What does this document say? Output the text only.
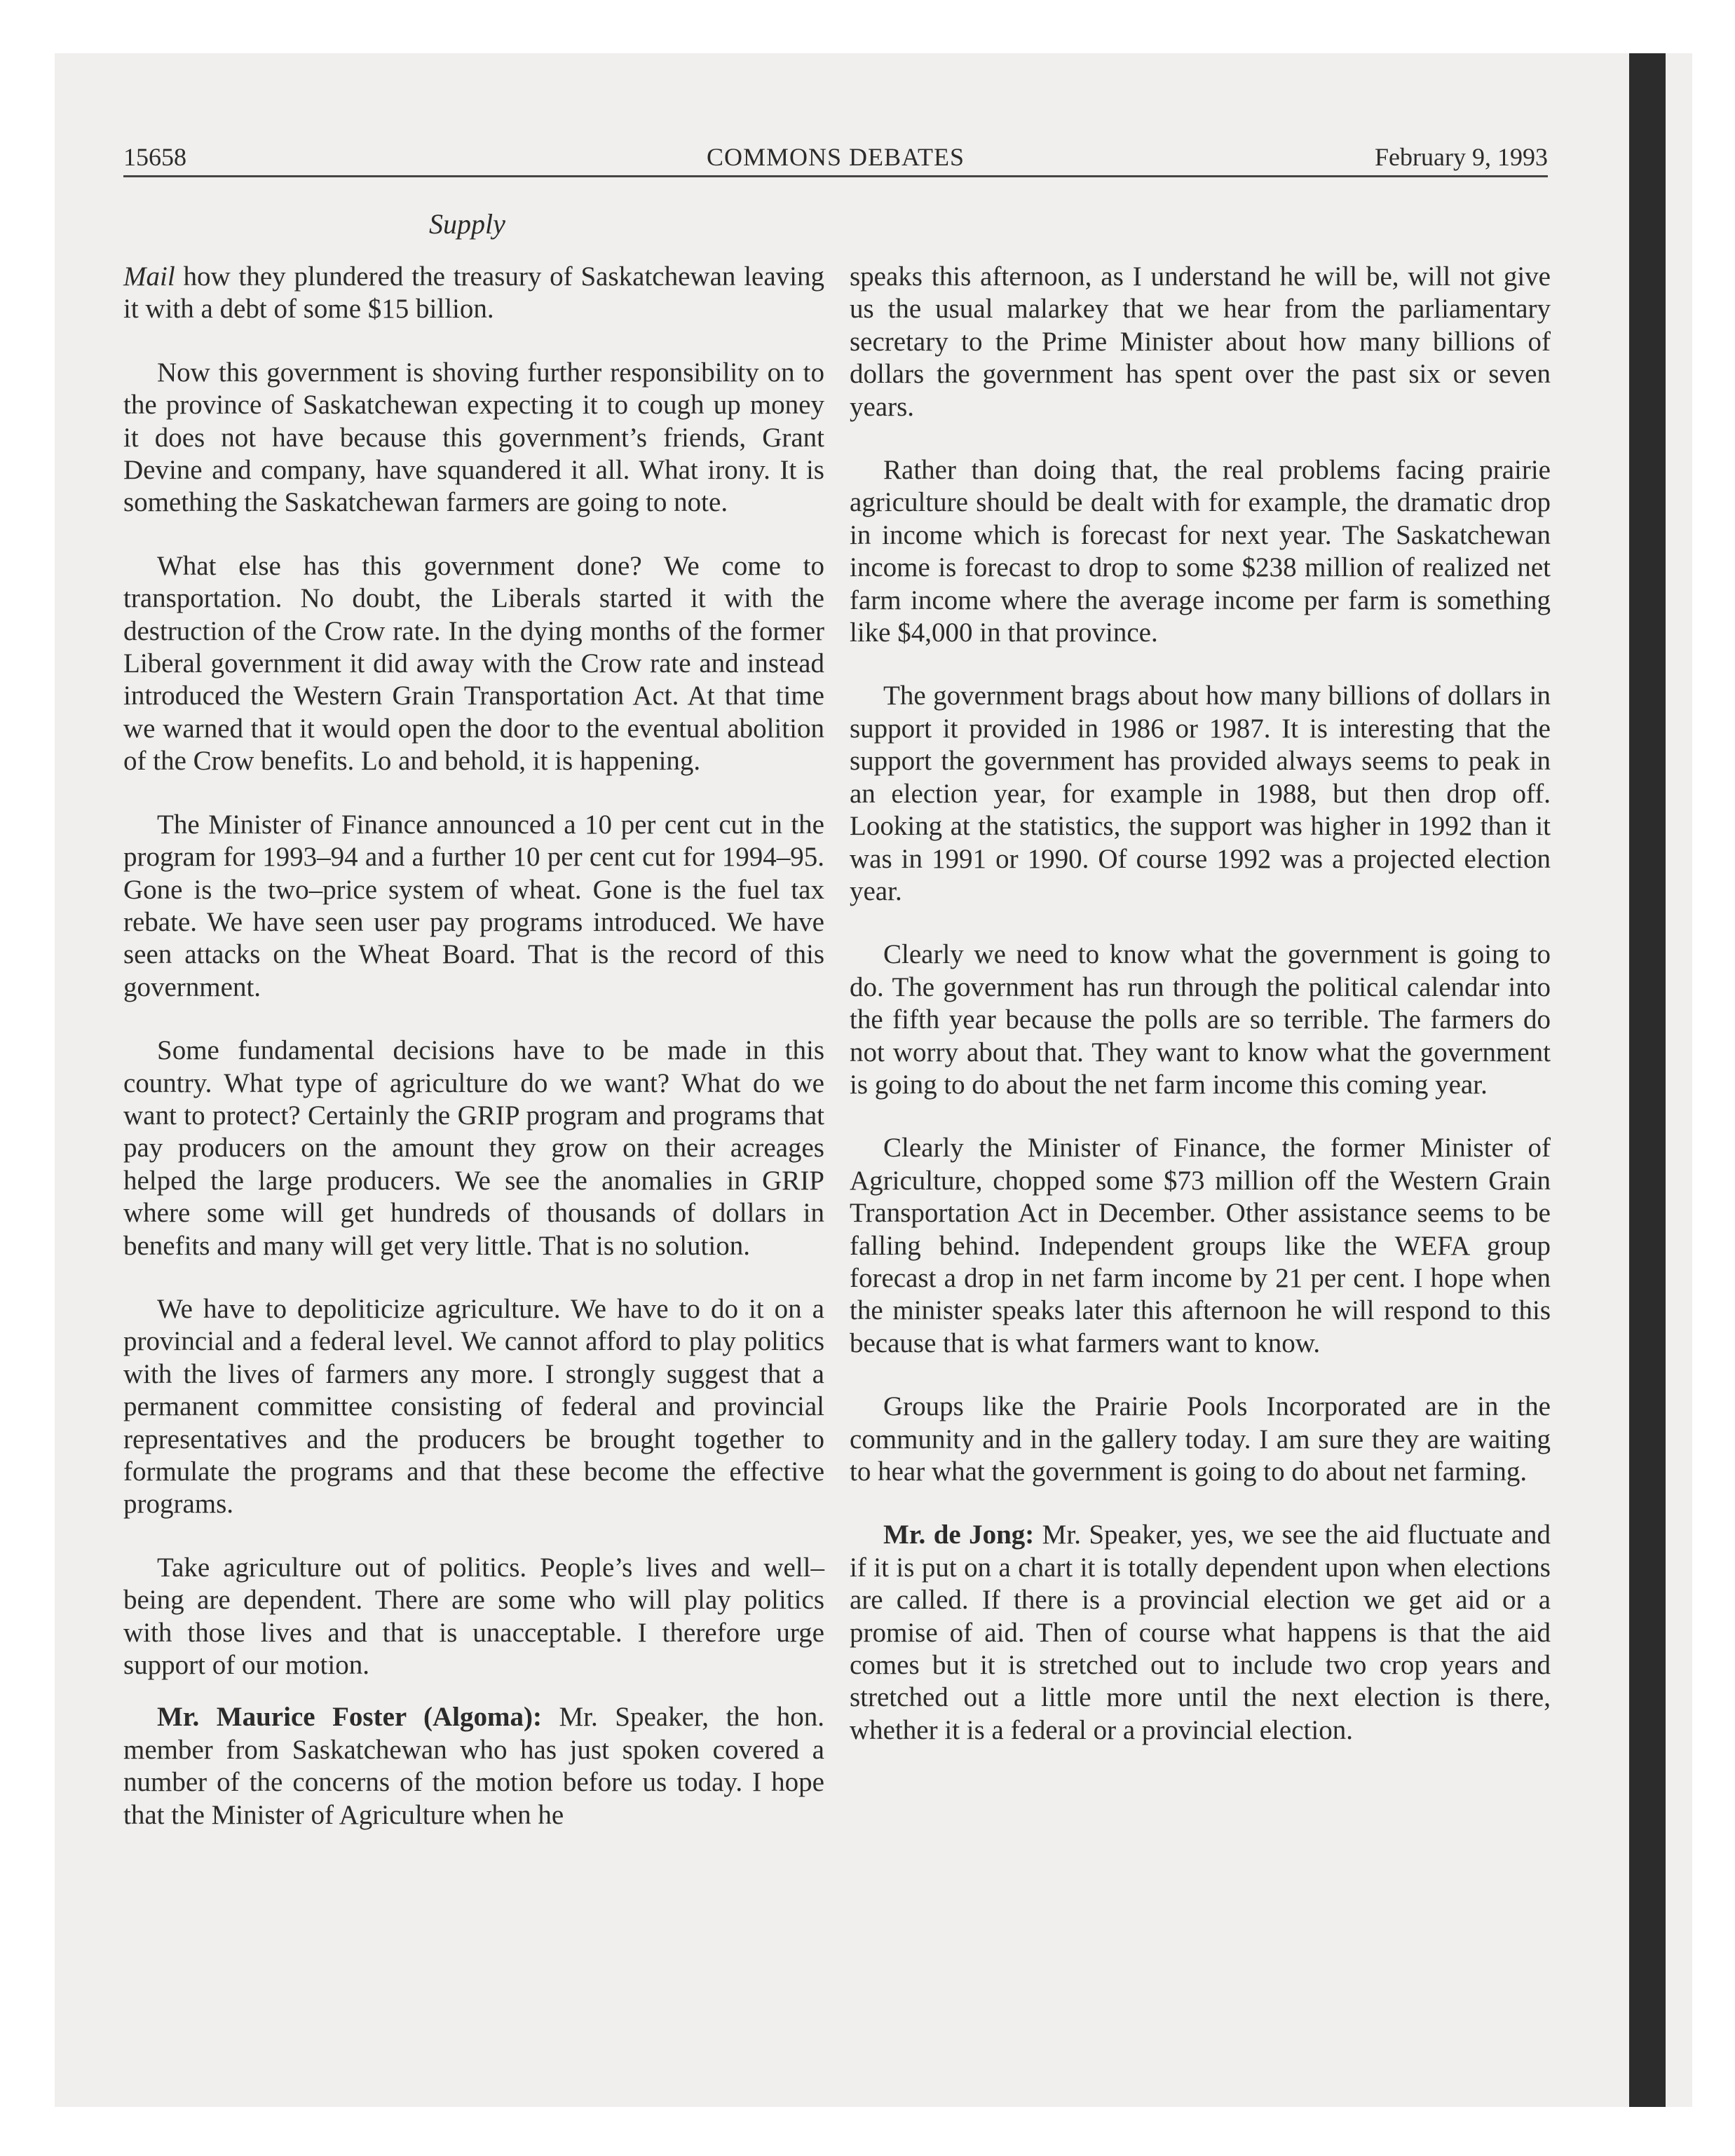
15658	COMMONS DEBATES	February 9, 1993
Supply

Mail how they plundered the treasury of Saskatchewan leaving it with a debt of some $15 billion.

Now this government is shoving further responsibility on to the province of Saskatchewan expecting it to cough up money it does not have because this government’s friends, Grant Devine and company, have squandered it all. What irony. It is something the Saskatchewan farmers are going to note.

What else has this government done? We come to transportation. No doubt, the Liberals started it with the destruction of the Crow rate. In the dying months of the former Liberal government it did away with the Crow rate and instead introduced the Western Grain Transportation Act. At that time we warned that it would open the door to the eventual abolition of the Crow benefits. Lo and behold, it is happening.

The Minister of Finance announced a 10 per cent cut in the program for 1993–94 and a further 10 per cent cut for 1994–95. Gone is the two–price system of wheat. Gone is the fuel tax rebate. We have seen user pay programs introduced. We have seen attacks on the Wheat Board. That is the record of this government.

Some fundamental decisions have to be made in this country. What type of agriculture do we want? What do we want to protect? Certainly the GRIP program and programs that pay producers on the amount they grow on their acreages helped the large producers. We see the anomalies in GRIP where some will get hundreds of thousands of dollars in benefits and many will get very little. That is no solution.

We have to depoliticize agriculture. We have to do it on a provincial and a federal level. We cannot afford to play politics with the lives of farmers any more. I strongly suggest that a permanent committee consisting of federal and provincial representatives and the producers be brought together to formulate the programs and that these become the effective programs.

Take agriculture out of politics. People’s lives and well–being are dependent. There are some who will play politics with those lives and that is unacceptable. I therefore urge support of our motion.

Mr. Maurice Foster (Algoma): Mr. Speaker, the hon. member from Saskatchewan who has just spoken covered a number of the concerns of the motion before us today. I hope that the Minister of Agriculture when he

speaks this afternoon, as I understand he will be, will not give us the usual malarkey that we hear from the parliamentary secretary to the Prime Minister about how many billions of dollars the government has spent over the past six or seven years.

Rather than doing that, the real problems facing prairie agriculture should be dealt with for example, the dramatic drop in income which is forecast for next year. The Saskatchewan income is forecast to drop to some $238 million of realized net farm income where the average income per farm is something like $4,000 in that province.

The government brags about how many billions of dollars in support it provided in 1986 or 1987. It is interesting that the support the government has provided always seems to peak in an election year, for example in 1988, but then drop off. Looking at the statistics, the support was higher in 1992 than it was in 1991 or 1990. Of course 1992 was a projected election year.

Clearly we need to know what the government is going to do. The government has run through the political calendar into the fifth year because the polls are so terrible. The farmers do not worry about that. They want to know what the government is going to do about the net farm income this coming year.

Clearly the Minister of Finance, the former Minister of Agriculture, chopped some $73 million off the Western Grain Transportation Act in December. Other assistance seems to be falling behind. Independent groups like the WEFA group forecast a drop in net farm income by 21 per cent. I hope when the minister speaks later this afternoon he will respond to this because that is what farmers want to know.

Groups like the Prairie Pools Incorporated are in the community and in the gallery today. I am sure they are waiting to hear what the government is going to do about net farming.

Mr. de Jong: Mr. Speaker, yes, we see the aid fluctuate and if it is put on a chart it is totally dependent upon when elections are called. If there is a provincial election we get aid or a promise of aid. Then of course what happens is that the aid comes but it is stretched out to include two crop years and stretched out a little more until the next election is there, whether it is a federal or a provincial election.
